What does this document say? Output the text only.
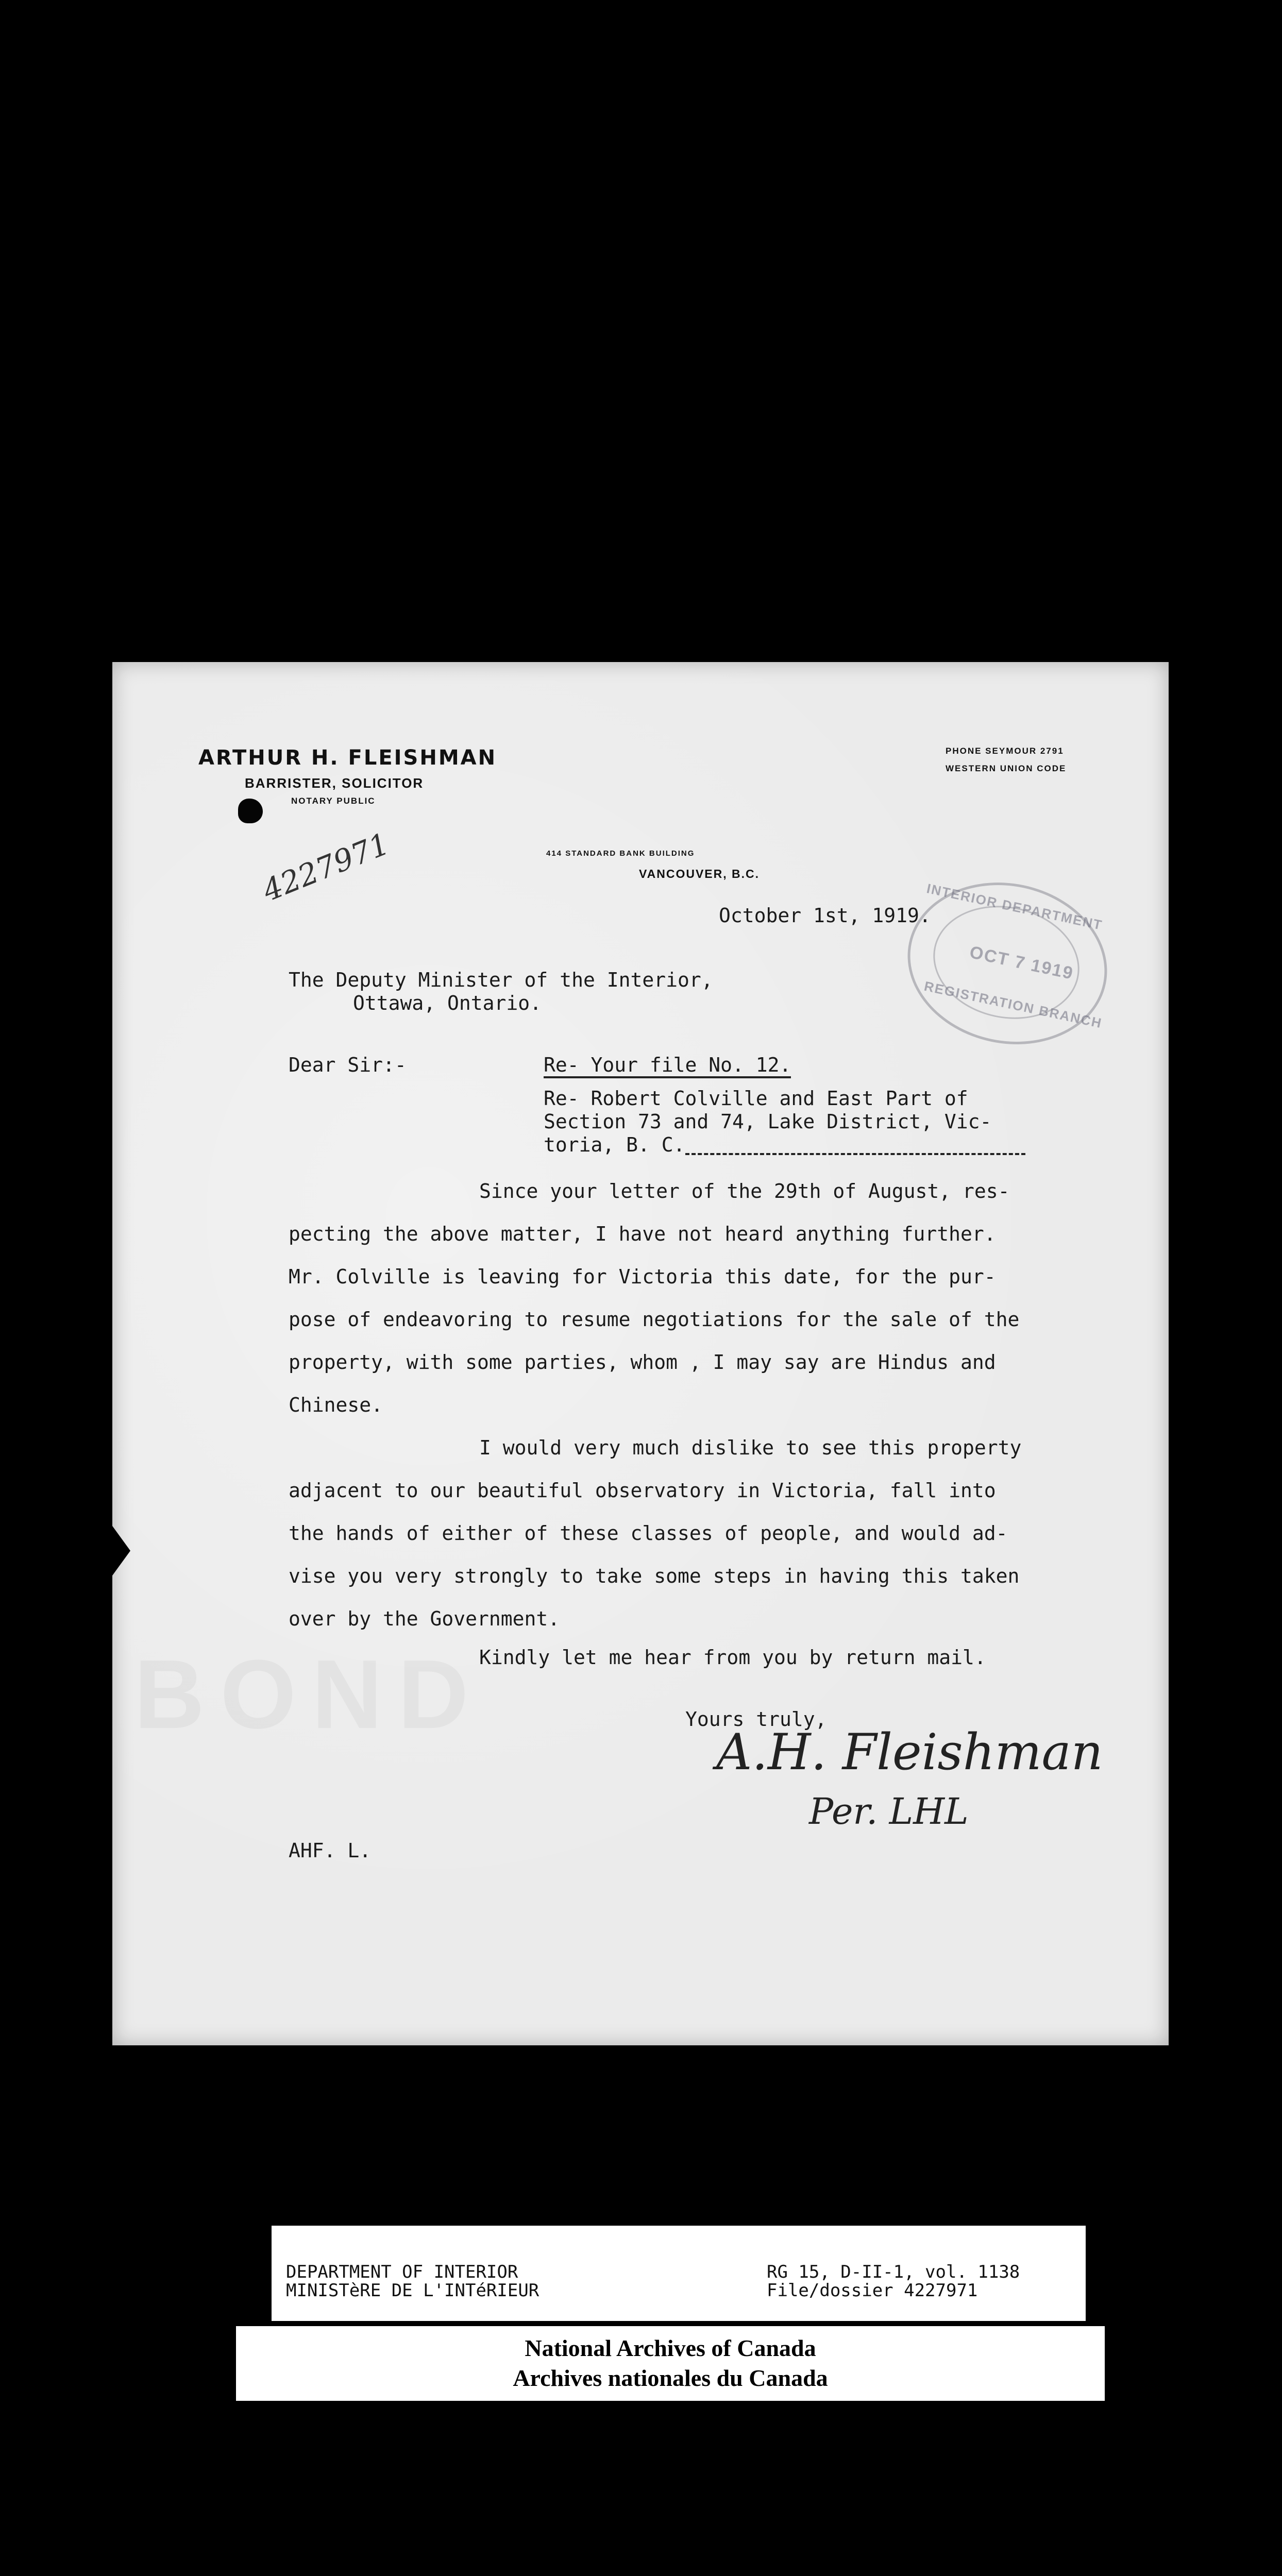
ARTHUR H. FLEISHMAN
BARRISTER, SOLICITOR
NOTARY PUBLIC
PHONE SEYMOUR 2791
WESTERN UNION CODE
414 STANDARD BANK BUILDING
VANCOUVER, B.C.
4227971	INTERIOR DEPARTMENT
OCT 7 1919
REGISTRATION BRANCH
October 1st, 1919.
The Deputy Minister of the Interior,
Ottawa, Ontario.
Dear Sir:-	Re- Your file No. 12.
Re- Robert Colville and East Part of
Section 73 and 74, Lake District, Vic-
toria, B. C.
Since your letter of the 29th of August, res-
pecting the above matter, I have not heard anything further.
Mr. Colville is leaving for Victoria this date, for the pur-
pose of endeavoring to resume negotiations for the sale of the
property, with some parties, whom , I may say are Hindus and
Chinese.
I would very much dislike to see this property
adjacent to our beautiful observatory in Victoria, fall into
the hands of either of these classes of people, and would ad-
vise you very strongly to take some steps in having this taken
over by the Government.
Kindly let me hear from you by return mail.
Yours truly,
A.H. Fleishman
Per. LHL
AHF. L.
DEPARTMENT OF INTERIOR
MINISTèRE DE L'INTéRIEUR
RG 15, D-II-1, vol. 1138
File/dossier 4227971
National Archives of Canada
Archives nationales du Canada
